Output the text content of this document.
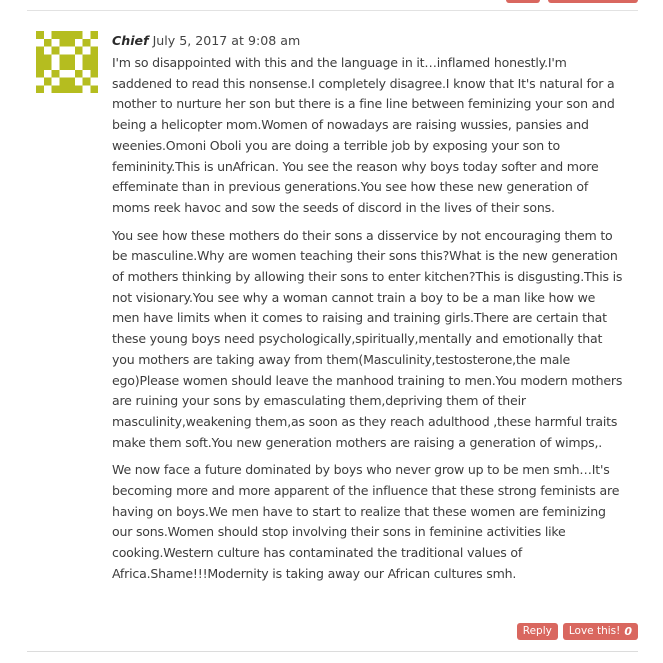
Chief July 5, 2017 at 9:08 am

I'm so disappointed with this and the language in it…inflamed honestly.I'm saddened to read this nonsense.I completely disagree.I know that It's natural for a mother to nurture her son but there is a fine line between feminizing your son and being a helicopter mom.Women of nowadays are raising wussies, pansies and weenies.Omoni Oboli you are doing a terrible job by exposing your son to femininity.This is unAfrican. You see the reason why boys today softer and more effeminate than in previous generations.You see how these new generation of moms reek havoc and sow the seeds of discord in the lives of their sons.

You see how these mothers do their sons a disservice by not encouraging them to be masculine.Why are women teaching their sons this?What is the new generation of mothers thinking by allowing their sons to enter kitchen?This is disgusting.This is not visionary.You see why a woman cannot train a boy to be a man like how we men have limits when it comes to raising and training girls.There are certain that these young boys need psychologically,spiritually,mentally and emotionally that you mothers are taking away from them(Masculinity,testosterone,the male ego)Please women should leave the manhood training to men.You modern mothers are ruining your sons by emasculating them,depriving them of their masculinity,weakening them,as soon as they reach adulthood ,these harmful traits make them soft.You new generation mothers are raising a generation of wimps,.

We now face a future dominated by boys who never grow up to be men smh…It's becoming more and more apparent of the influence that these strong feminists are having on boys.We men have to start to realize that these women are feminizing our sons.Women should stop involving their sons in feminine activities like cooking.Western culture has contaminated the traditional values of Africa.Shame!!!Modernity is taking away our African cultures smh.

Reply Love this! 0
